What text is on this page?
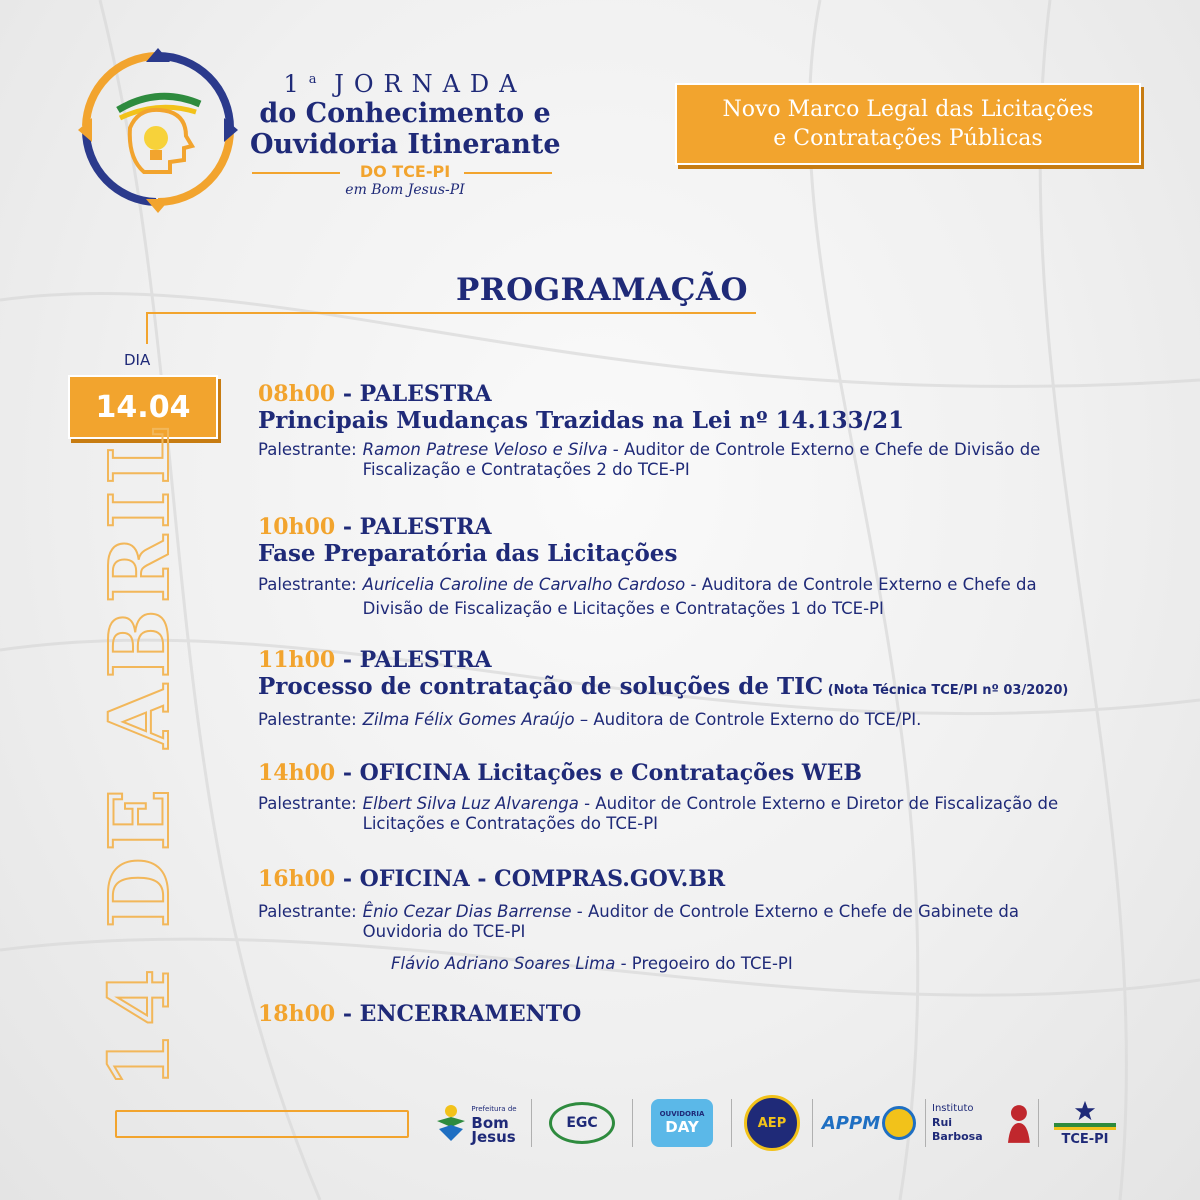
1$^a$ JORNADA
do Conhecimento e
Ouvidoria Itinerante
DO TCE-PI
em Bom Jesus-PI
Novo Marco Legal das Licitações
e Contratações Públicas
PROGRAMAÇÃO
DIA
14.04
14 DE ABRIL
08h00 - PALESTRA
Principais Mudanças Trazidas na Lei nº 14.133/21
Palestrante: Ramon Patrese Veloso e Silva - Auditor de Controle Externo e Chefe de Divisão de Fiscalização e Contratações 2 do TCE-PI
10h00 - PALESTRA
Fase Preparatória das Licitações
Palestrante: Auricelia Caroline de Carvalho Cardoso - Auditora de Controle Externo e Chefe da Divisão de Fiscalização e Licitações e Contratações 1 do TCE-PI
11h00 - PALESTRA
Processo de contratação de soluções de TIC (Nota Técnica TCE/PI nº 03/2020)
Palestrante: Zilma Félix Gomes Araújo – Auditora de Controle Externo do TCE/PI.
14h00 - OFICINA Licitações e Contratações WEB
Palestrante: Elbert Silva Luz Alvarenga - Auditor de Controle Externo e Diretor de Fiscalização de Licitações e Contratações do TCE-PI
16h00 - OFICINA - COMPRAS.GOV.BR
Palestrante: Ênio Cezar Dias Barrense - Auditor de Controle Externo e Chefe de Gabinete da Ouvidoria do TCE-PI
Flávio Adriano Soares Lima - Pregoeiro do TCE-PI
18h00 - ENCERRAMENTO
Prefeitura de
Bom
Jesus
EGC
OUVIDORIA
DAY	AEP APPM
Instituto
Rui Barbosa	TCE-PI
